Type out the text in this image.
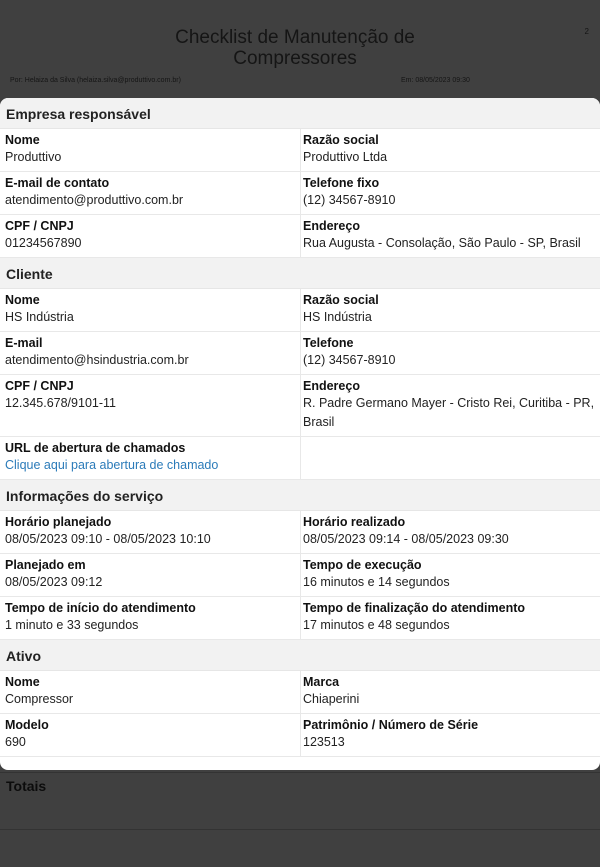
Empresa responsável
Nome
Produttivo
Razão social
Produttivo Ltda
E-mail de contato
atendimento@produttivo.com.br
Telefone fixo
(12) 34567-8910
CPF / CNPJ
01234567890
Endereço
Rua Augusta - Consolação, São Paulo - SP, Brasil
Cliente
Nome
HS Indústria
Razão social
HS Indústria
E-mail
atendimento@hsindustria.com.br
Telefone
(12) 34567-8910
CPF / CNPJ
12.345.678/9101-11
Endereço
R. Padre Germano Mayer - Cristo Rei, Curitiba - PR, Brasil
URL de abertura de chamados
Clique aqui para abertura de chamado
Informações do serviço
Horário planejado
08/05/2023 09:10 - 08/05/2023 10:10
Horário realizado
08/05/2023 09:14 - 08/05/2023 09:30
Planejado em
08/05/2023 09:12
Tempo de execução
16 minutos e 14 segundos
Tempo de início do atendimento
1 minuto e 33 segundos
Tempo de finalização do atendimento
17 minutos e 48 segundos
Ativo
Nome
Compressor
Marca
Chiaperini
Modelo
690
Patrimônio / Número de Série
123513
